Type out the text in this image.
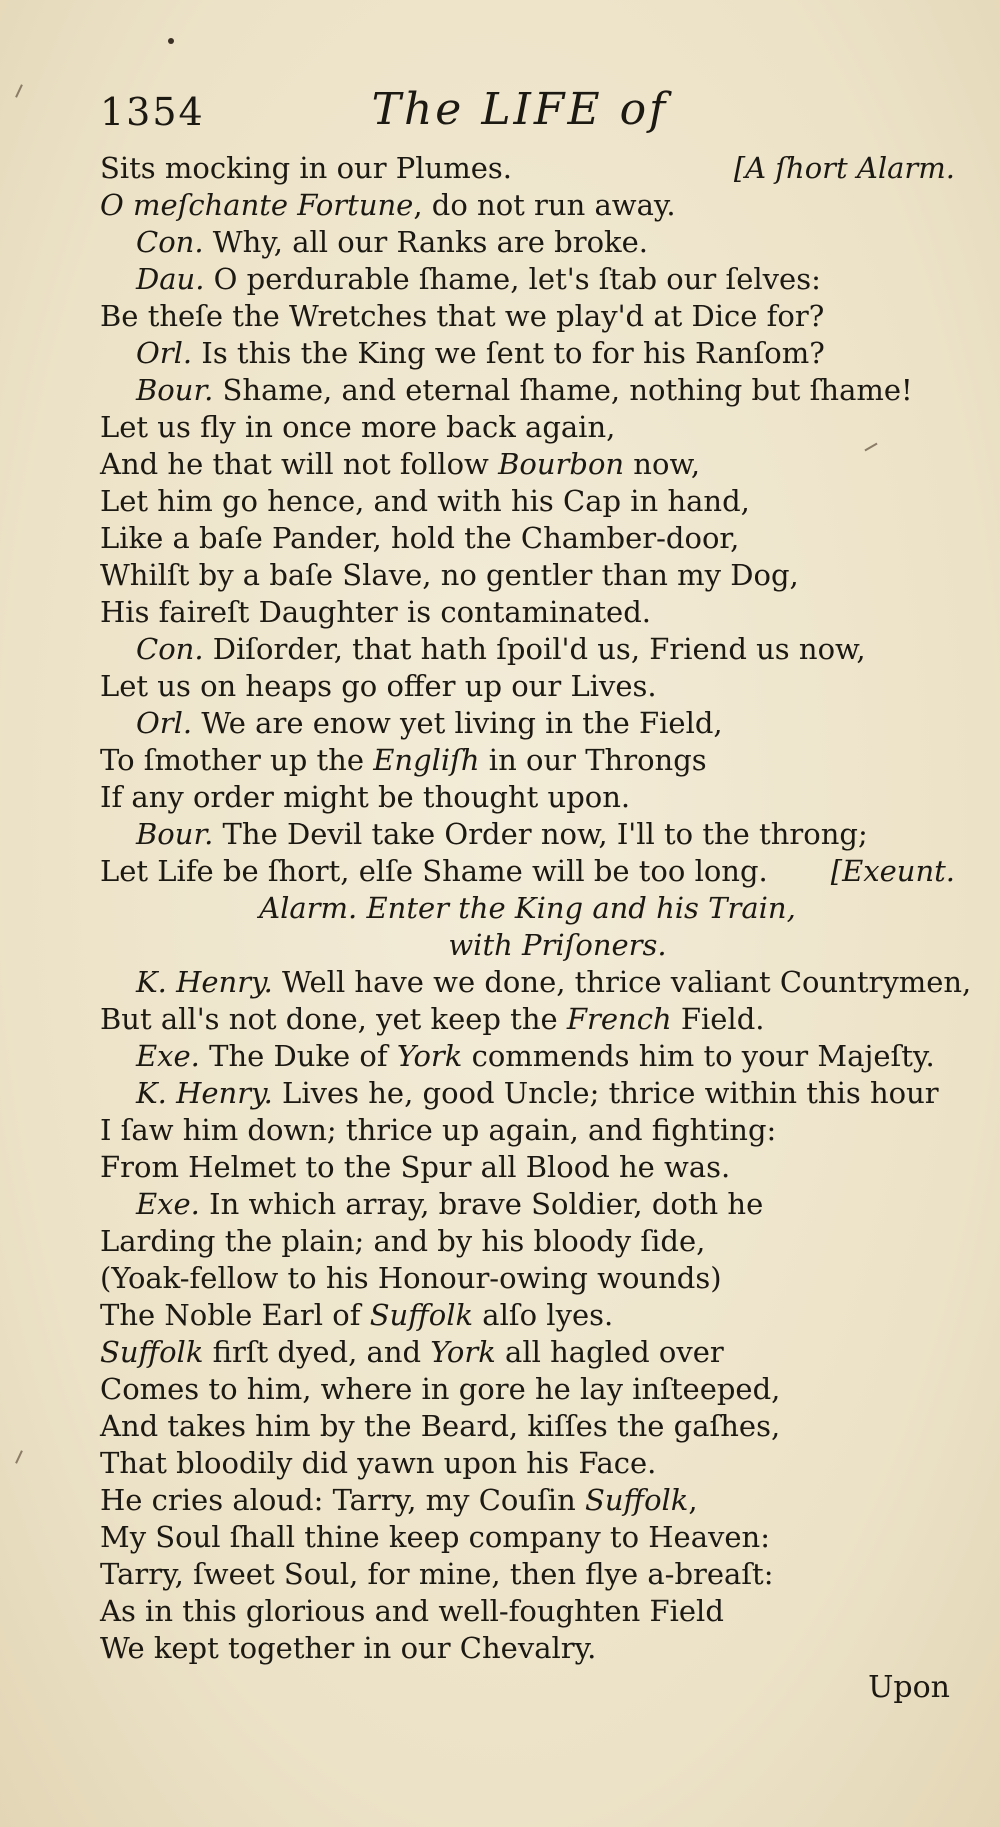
1354	The LIFE of
Sits mocking in our Plumes.	[A ſhort Alarm.
O meſchante Fortune, do not run away.
Con. Why, all our Ranks are broke.
Dau. O perdurable ſhame, let's ſtab our ſelves:
Be theſe the Wretches that we play'd at Dice for?
Orl. Is this the King we ſent to for his Ranſom?
Bour. Shame, and eternal ſhame, nothing but ſhame!
Let us fly in once more back again,
And he that will not follow Bourbon now,
Let him go hence, and with his Cap in hand,
Like a baſe Pander, hold the Chamber-door,
Whilſt by a baſe Slave, no gentler than my Dog,
His faireſt Daughter is contaminated.
Con. Diſorder, that hath ſpoil'd us, Friend us now,
Let us on heaps go offer up our Lives.
Orl. We are enow yet living in the Field,
To ſmother up the Engliſh in our Throngs
If any order might be thought upon.
Bour. The Devil take Order now, I'll to the throng;
Let Life be ſhort, elſe Shame will be too long. [Exeunt.
Alarm. Enter the King and his Train,
with Priſoners.
K. Henry. Well have we done, thrice valiant Countrymen,
But all's not done, yet keep the French Field.
Exe. The Duke of York commends him to your Majeſty.
K. Henry. Lives he, good Uncle; thrice within this hour
I ſaw him down; thrice up again, and fighting:
From Helmet to the Spur all Blood he was.
Exe. In which array, brave Soldier, doth he
Larding the plain; and by his bloody ſide,
(Yoak-fellow to his Honour-owing wounds)
The Noble Earl of Suffolk alſo lyes.
Suffolk firſt dyed, and York all hagled over
Comes to him, where in gore he lay inſteeped,
And takes him by the Beard, kiſſes the gaſhes,
That bloodily did yawn upon his Face.
He cries aloud: Tarry, my Couſin Suffolk,
My Soul ſhall thine keep company to Heaven:
Tarry, ſweet Soul, for mine, then flye a-breaſt:
As in this glorious and well-foughten Field
We kept together in our Chevalry.
Upon
